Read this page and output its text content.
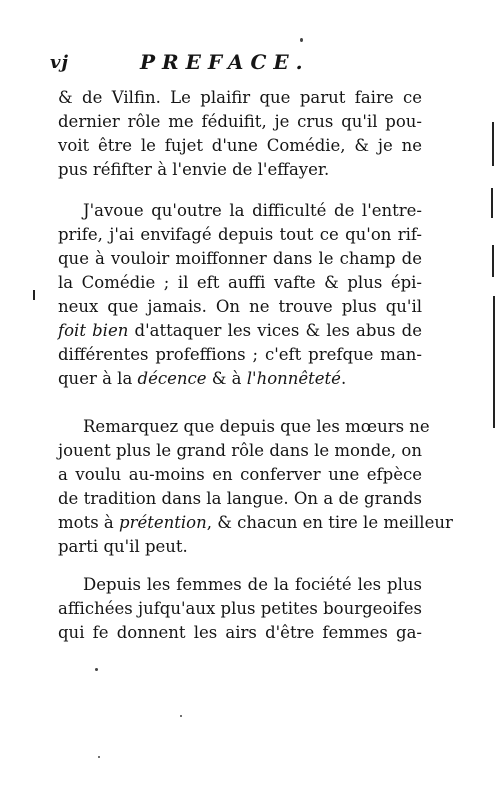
vj	PREFACE.
& de Vilfin. Le plaifir que parut faire ce
dernier rôle me féduifit, je crus qu'il pou-
voit être le fujet d'une Comédie, & je ne
pus réfifter à l'envie de l'effayer.
J'avoue qu'outre la difficulté de l'entre-
prife, j'ai envifagé depuis tout ce qu'on rif-
que à vouloir moiffonner dans le champ de
la Comédie ; il eft auffi vafte & plus épi-
neux que jamais. On ne trouve plus qu'il
foit bien d'attaquer les vices & les abus de
différentes profeffions ; c'eft prefque man-
quer à la décence & à l'honnêteté.
Remarquez que depuis que les mœurs ne
jouent plus le grand rôle dans le monde, on
a voulu au-moins en conferver une efpèce
de tradition dans la langue. On a de grands
mots à prétention, & chacun en tire le meilleur
parti qu'il peut.
Depuis les femmes de la fociété les plus
affichées jufqu'aux plus petites bourgeoifes
qui fe donnent les airs d'être femmes ga-
